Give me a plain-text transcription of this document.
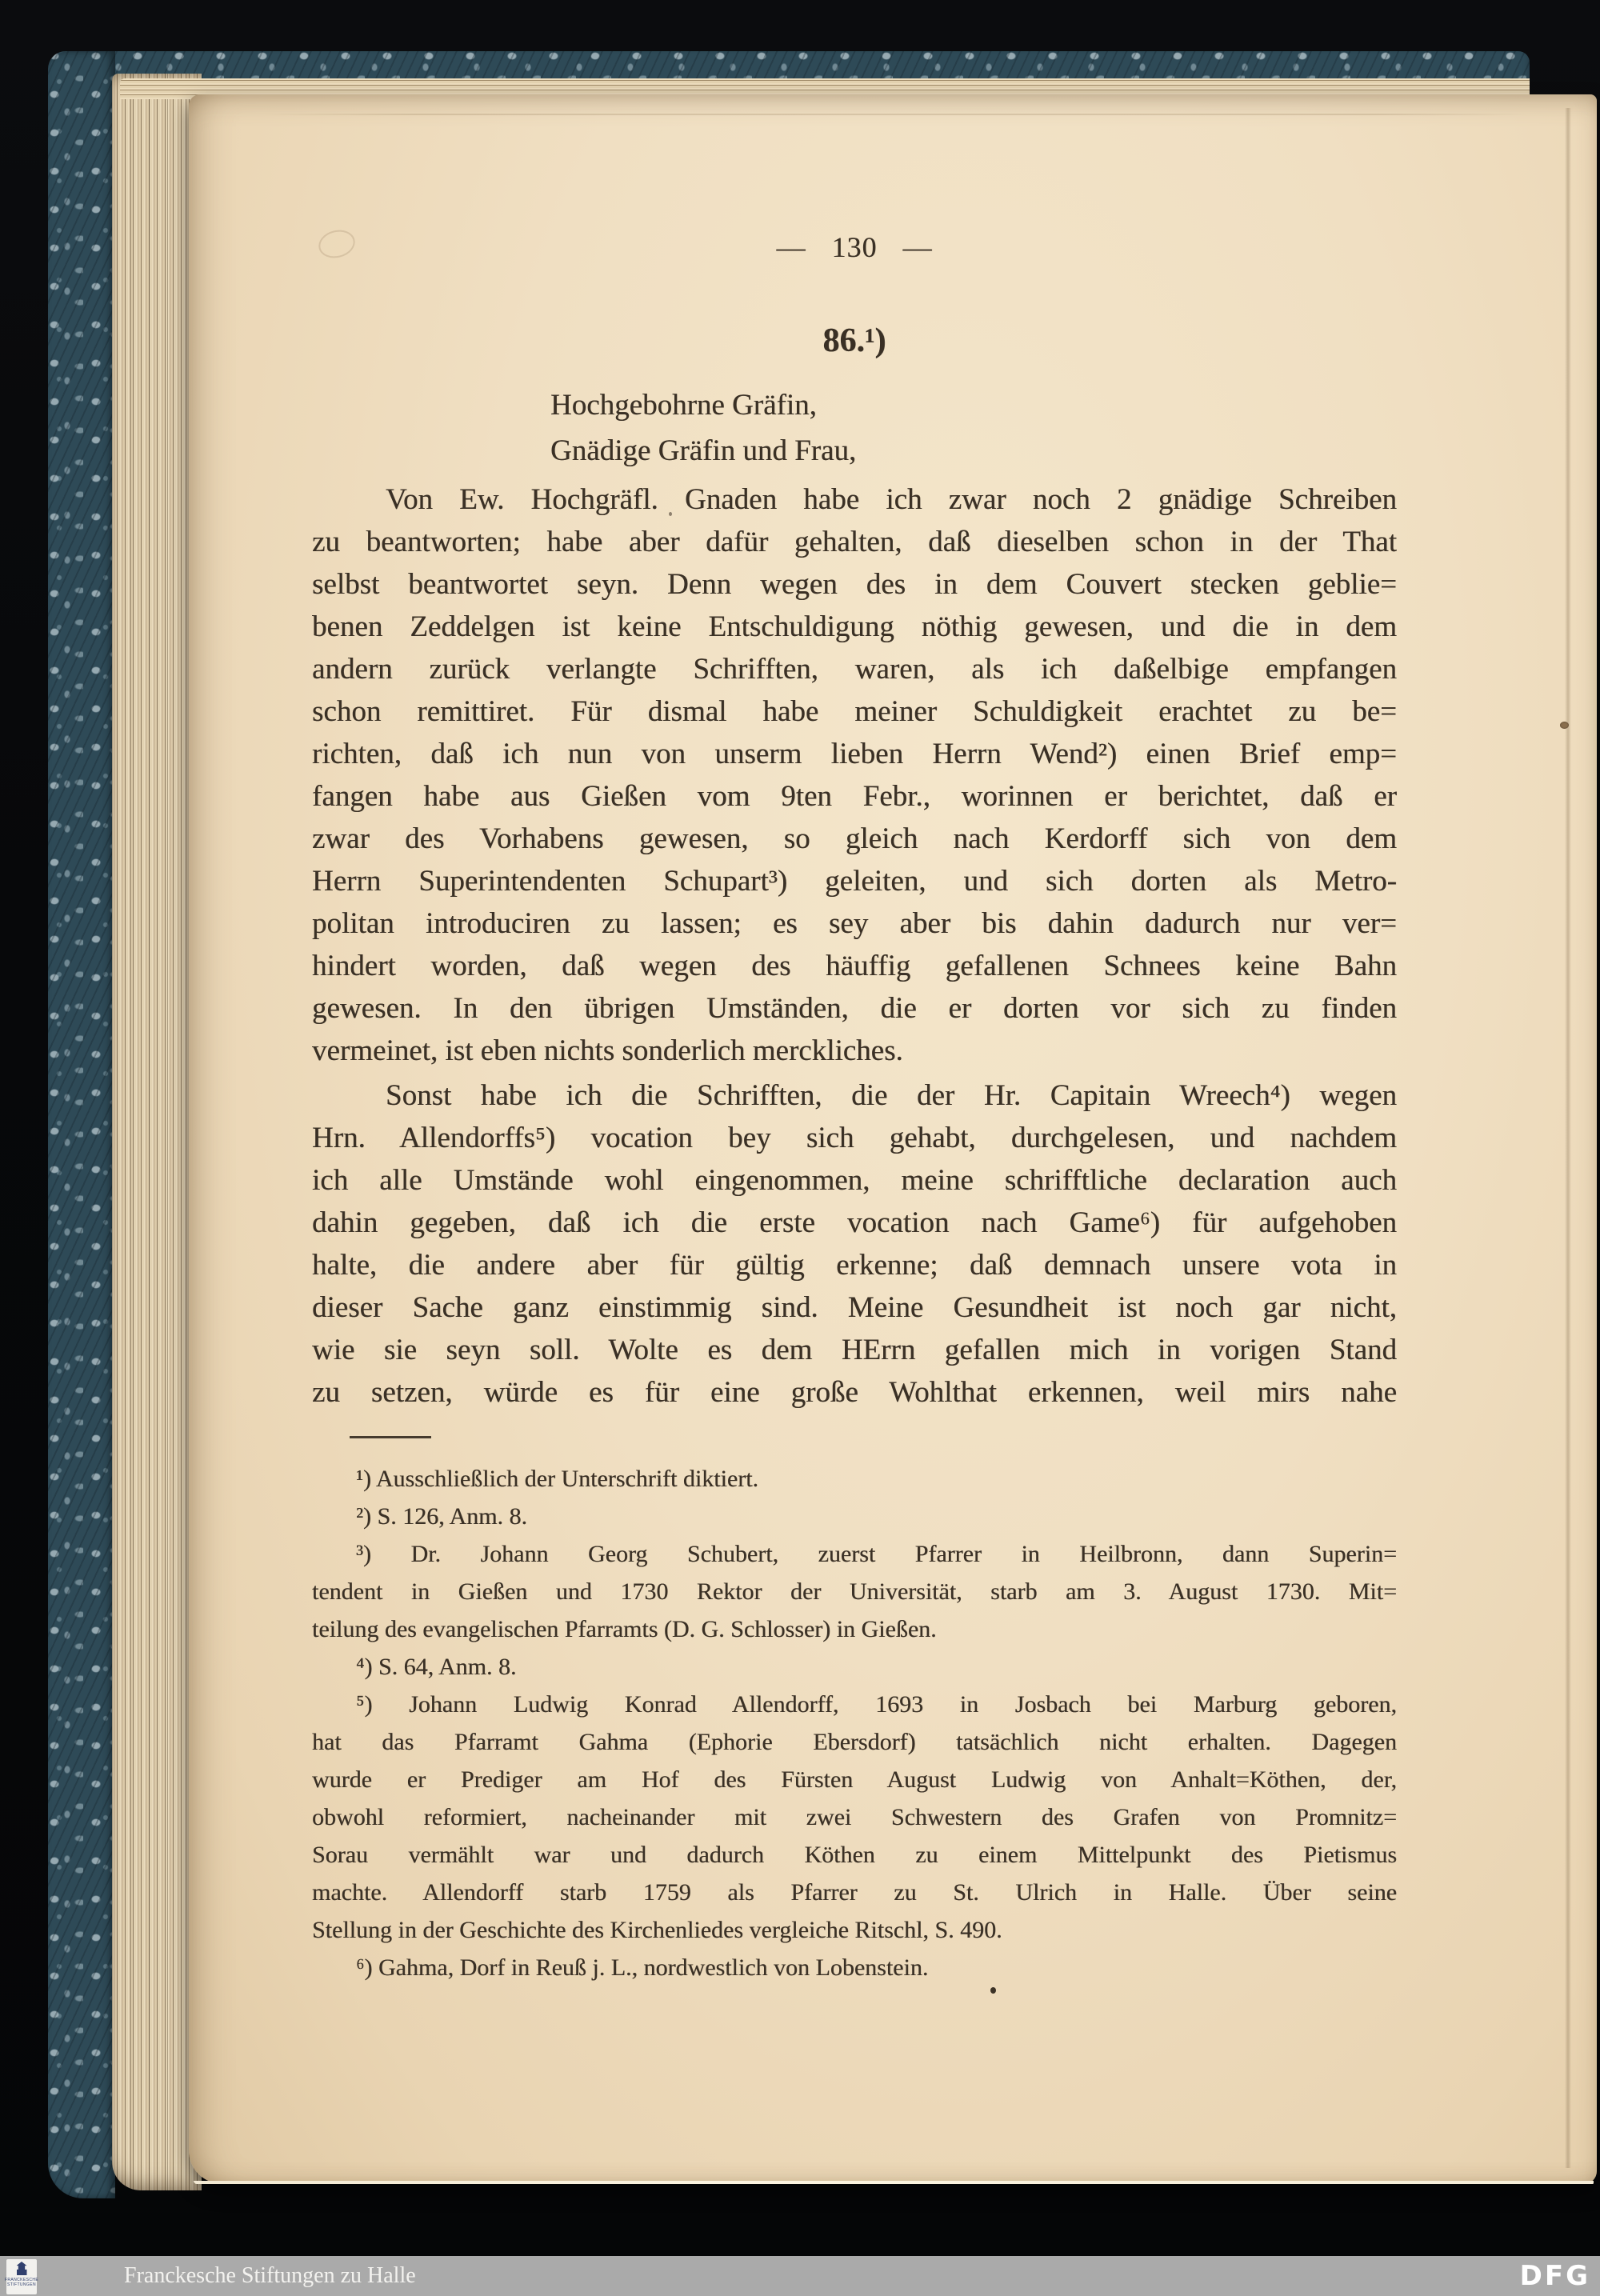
— 130 —
86.¹)
Hochgebohrne Gräfin,
Gnädige Gräfin und Frau,
Von Ew. Hochgräfl. Gnaden habe ich zwar noch 2 gnädige Schreiben
zu beantworten; habe aber dafür gehalten, daß dieselben schon in der That
selbst beantwortet seyn. Denn wegen des in dem Couvert stecken geblie=
benen Zeddelgen ist keine Entschuldigung nöthig gewesen, und die in dem
andern zurück verlangte Schrifften, waren, als ich daßelbige empfangen
schon remittiret. Für dismal habe meiner Schuldigkeit erachtet zu be=
richten, daß ich nun von unserm lieben Herrn Wend²) einen Brief emp=
fangen habe aus Gießen vom 9ten Febr., worinnen er berichtet, daß er
zwar des Vorhabens gewesen, so gleich nach Kerdorff sich von dem
Herrn Superintendenten Schupart³) geleiten, und sich dorten als Metro-
politan introduciren zu lassen; es sey aber bis dahin dadurch nur ver=
hindert worden, daß wegen des häuffig gefallenen Schnees keine Bahn
gewesen. In den übrigen Umständen, die er dorten vor sich zu finden
vermeinet, ist eben nichts sonderlich merckliches.
Sonst habe ich die Schrifften, die der Hr. Capitain Wreech⁴) wegen
Hrn. Allendorffs⁵) vocation bey sich gehabt, durchgelesen, und nachdem
ich alle Umstände wohl eingenommen, meine schrifftliche declaration auch
dahin gegeben, daß ich die erste vocation nach Game⁶) für aufgehoben
halte, die andere aber für gültig erkenne; daß demnach unsere vota in
dieser Sache ganz einstimmig sind. Meine Gesundheit ist noch gar nicht,
wie sie seyn soll. Wolte es dem HErrn gefallen mich in vorigen Stand
zu setzen, würde es für eine große Wohlthat erkennen, weil mirs nahe
¹) Ausschließlich der Unterschrift diktiert.
²) S. 126, Anm. 8.
³) Dr. Johann Georg Schubert, zuerst Pfarrer in Heilbronn, dann Superin=
tendent in Gießen und 1730 Rektor der Universität, starb am 3. August 1730. Mit=
teilung des evangelischen Pfarramts (D. G. Schlosser) in Gießen.
⁴) S. 64, Anm. 8.
⁵) Johann Ludwig Konrad Allendorff, 1693 in Josbach bei Marburg geboren,
hat das Pfarramt Gahma (Ephorie Ebersdorf) tatsächlich nicht erhalten. Dagegen
wurde er Prediger am Hof des Fürsten August Ludwig von Anhalt=Köthen, der,
obwohl reformiert, nacheinander mit zwei Schwestern des Grafen von Promnitz=
Sorau vermählt war und dadurch Köthen zu einem Mittelpunkt des Pietismus
machte. Allendorff starb 1759 als Pfarrer zu St. Ulrich in Halle. Über seine
Stellung in der Geschichte des Kirchenliedes vergleiche Ritschl, S. 490.
⁶) Gahma, Dorf in Reuß j. L., nordwestlich von Lobenstein.
FRANCKESCHE
STIFTUNGEN	Franckesche Stiftungen zu Halle	DFG
